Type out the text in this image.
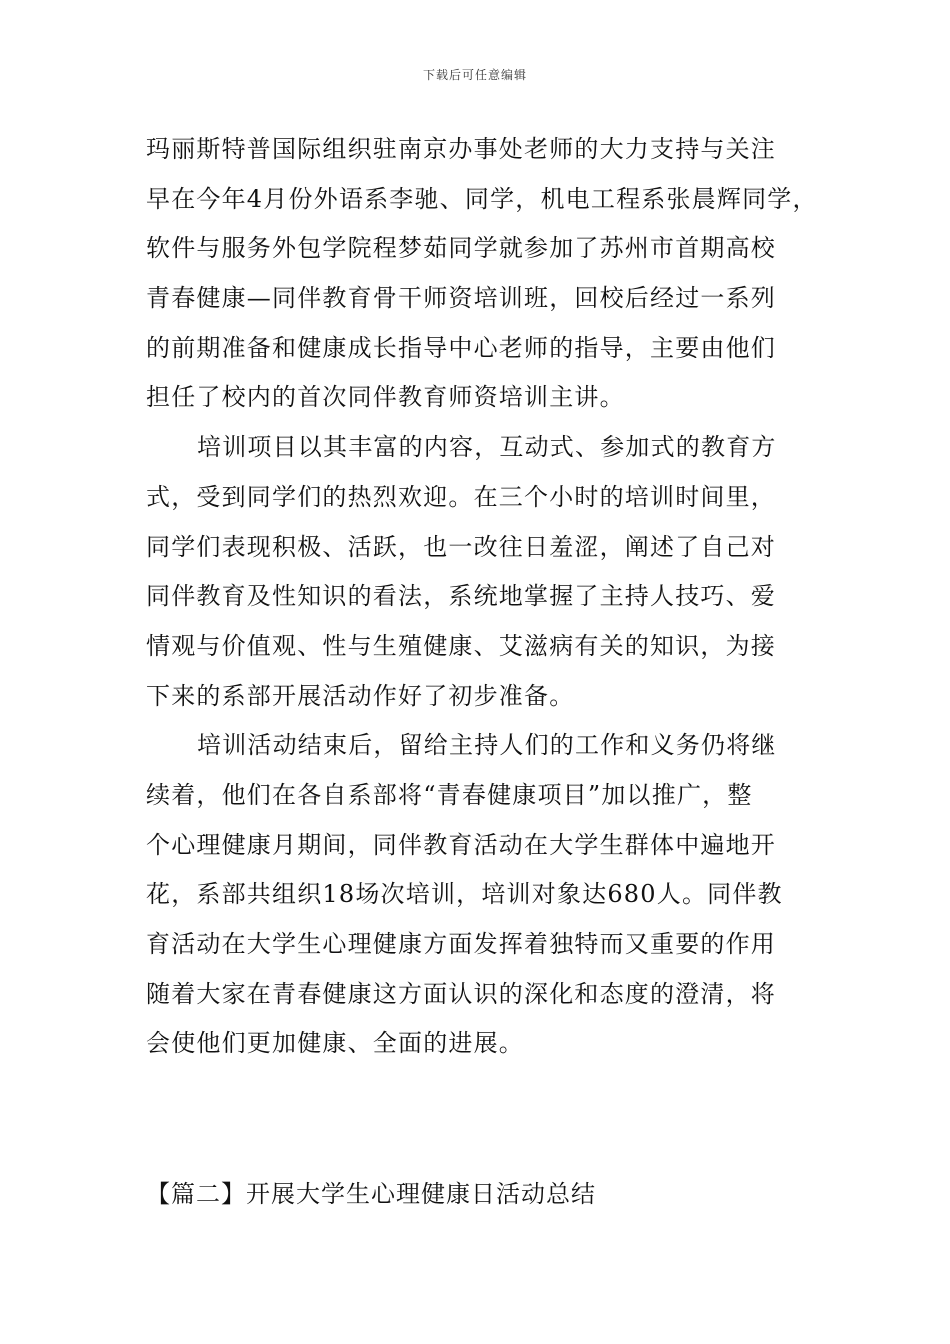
下载后可任意编辑
玛丽斯特普国际组织驻南京办事处老师的大力支持与关注
早在今年4月份外语系李驰、同学，机电工程系张晨辉同学，
软件与服务外包学院程梦茹同学就参加了苏州市首期高校
青春健康—同伴教育骨干师资培训班，回校后经过一系列
的前期准备和健康成长指导中心老师的指导，主要由他们
担任了校内的首次同伴教育师资培训主讲。
培训项目以其丰富的内容，互动式、参加式的教育方
式，受到同学们的热烈欢迎。在三个小时的培训时间里，
同学们表现积极、活跃，也一改往日羞涩，阐述了自己对
同伴教育及性知识的看法，系统地掌握了主持人技巧、爱
情观与价值观、性与生殖健康、艾滋病有关的知识，为接
下来的系部开展活动作好了初步准备。
培训活动结束后，留给主持人们的工作和义务仍将继
续着，他们在各自系部将“青春健康项目”加以推广，整
个心理健康月期间，同伴教育活动在大学生群体中遍地开
花，系部共组织18场次培训，培训对象达680人。同伴教
育活动在大学生心理健康方面发挥着独特而又重要的作用
随着大家在青春健康这方面认识的深化和态度的澄清，将
会使他们更加健康、全面的进展。
【篇二】开展大学生心理健康日活动总结
